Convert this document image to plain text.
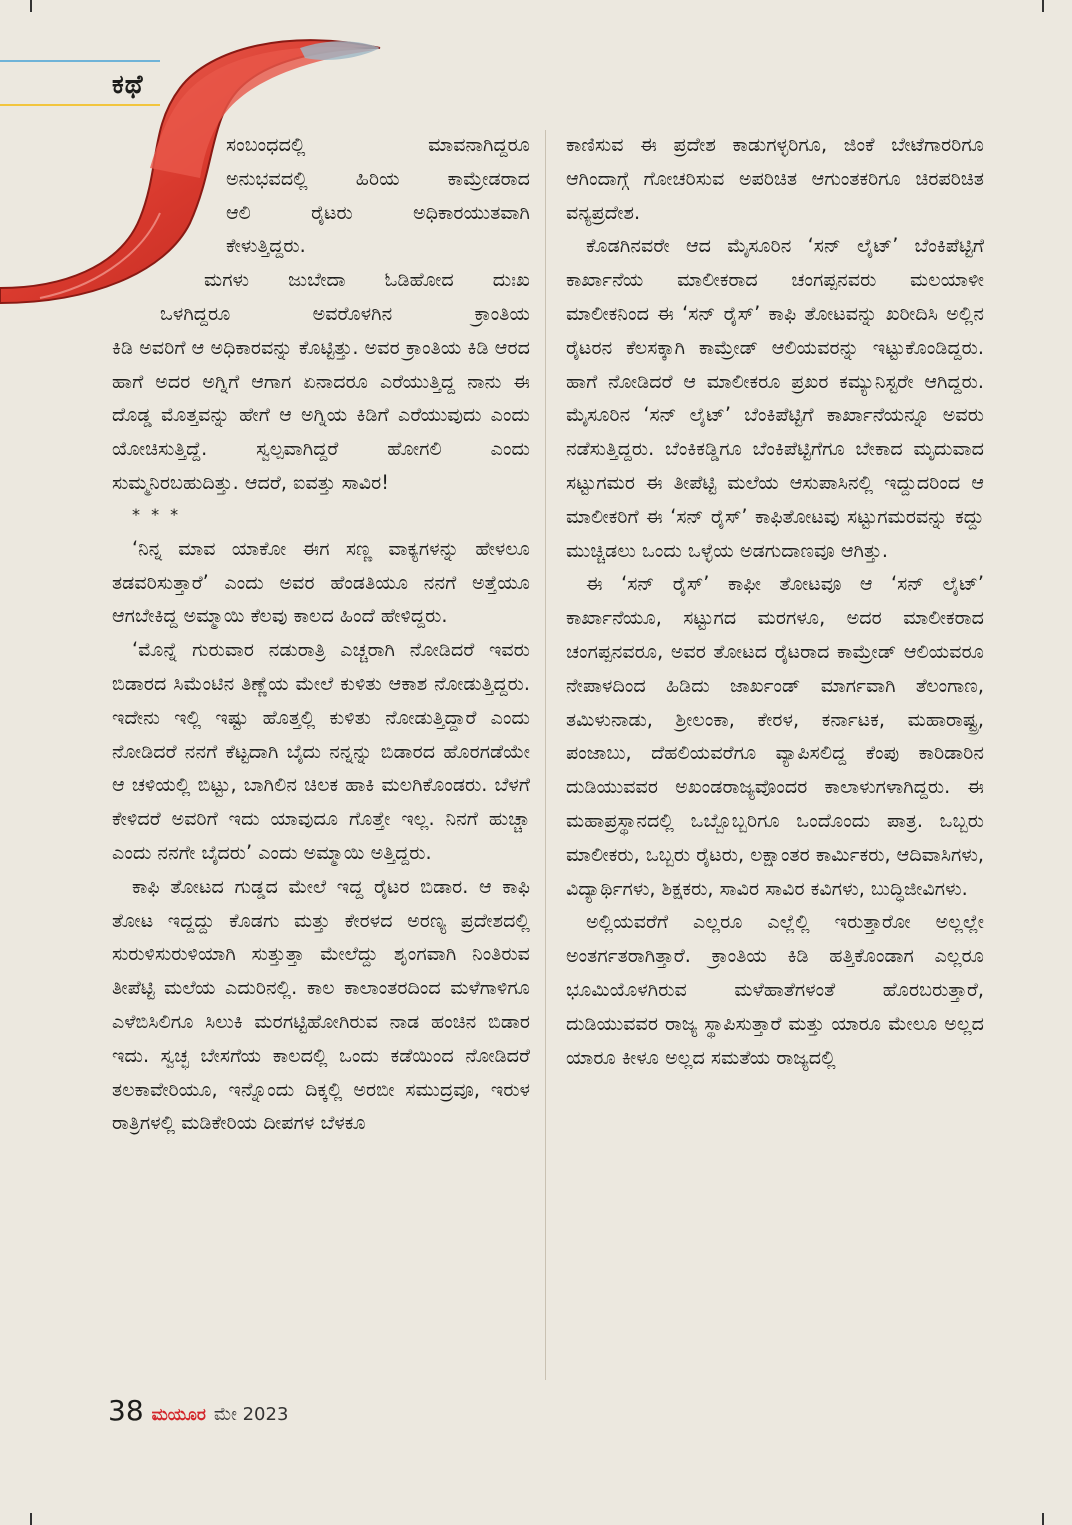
ಕಥೆ
ಸಂಬಂಧದಲ್ಲಿ ಮಾವನಾಗಿದ್ದರೂ
ಅನುಭವದಲ್ಲಿ ಹಿರಿಯ ಕಾಮ್ರೇಡರಾದ
ಆಲಿ ರೈಟರು ಅಧಿಕಾರಯುತವಾಗಿ
ಕೇಳುತ್ತಿದ್ದರು.
ಮಗಳು ಜುಬೇದಾ ಓಡಿಹೋದ ದುಃಖ
ಒಳಗಿದ್ದರೂ ಅವರೊಳಗಿನ ಕ್ರಾಂತಿಯ

ಕಿಡಿ ಅವರಿಗೆ ಆ ಅಧಿಕಾರವನ್ನು ಕೊಟ್ಟಿತ್ತು. ಅವರ ಕ್ರಾಂತಿಯ ಕಿಡಿ ಆರದ ಹಾಗೆ ಅದರ ಅಗ್ನಿಗೆ ಆಗಾಗ ಏನಾದರೂ ಎರೆಯುತ್ತಿದ್ದ ನಾನು ಈ ದೊಡ್ಡ ಮೊತ್ತವನ್ನು ಹೇಗೆ ಆ ಅಗ್ನಿಯ ಕಿಡಿಗೆ ಎರೆಯುವುದು ಎಂದು ಯೋಚಿಸುತ್ತಿದ್ದೆ. ಸ್ವಲ್ಪವಾಗಿದ್ದರೆ ಹೋಗಲಿ ಎಂದು ಸುಮ್ಮನಿರಬಹುದಿತ್ತು. ಆದರೆ, ಐವತ್ತು ಸಾವಿರ!

* * *

‘ನಿನ್ನ ಮಾವ ಯಾಕೋ ಈಗ ಸಣ್ಣ ವಾಕ್ಯಗಳನ್ನು ಹೇಳಲೂ ತಡವರಿಸುತ್ತಾರೆ’ ಎಂದು ಅವರ ಹೆಂಡತಿಯೂ ನನಗೆ ಅತ್ತೆಯೂ ಆಗಬೇಕಿದ್ದ ಅಮ್ಮಾಯಿ ಕೆಲವು ಕಾಲದ ಹಿಂದೆ ಹೇಳಿದ್ದರು.

‘ಮೊನ್ನೆ ಗುರುವಾರ ನಡುರಾತ್ರಿ ಎಚ್ಚರಾಗಿ ನೋಡಿದರೆ ಇವರು ಬಿಡಾರದ ಸಿಮೆಂಟಿನ ತಿಣ್ಣೆಯ ಮೇಲೆ ಕುಳಿತು ಆಕಾಶ ನೋಡುತ್ತಿದ್ದರು. ಇದೇನು ಇಲ್ಲಿ ಇಷ್ಟು ಹೊತ್ತಲ್ಲಿ ಕುಳಿತು ನೋಡುತ್ತಿದ್ದಾರೆ ಎಂದು ನೋಡಿದರೆ ನನಗೆ ಕೆಟ್ಟದಾಗಿ ಬೈದು ನನ್ನನ್ನು ಬಿಡಾರದ ಹೊರಗಡೆಯೇ ಆ ಚಳಿಯಲ್ಲಿ ಬಿಟ್ಟು, ಬಾಗಿಲಿನ ಚಿಲಕ ಹಾಕಿ ಮಲಗಿಕೊಂಡರು. ಬೆಳಗೆ ಕೇಳಿದರೆ ಅವರಿಗೆ ಇದು ಯಾವುದೂ ಗೊತ್ತೇ ಇಲ್ಲ. ನಿನಗೆ ಹುಚ್ಚಾ ಎಂದು ನನಗೇ ಬೈದರು’ ಎಂದು ಅಮ್ಮಾಯಿ ಅತ್ತಿದ್ದರು.

ಕಾಫಿ ತೋಟದ ಗುಡ್ಡದ ಮೇಲೆ ಇದ್ದ ರೈಟರ ಬಿಡಾರ. ಆ ಕಾಫಿ ತೋಟ ಇದ್ದದ್ದು ಕೊಡಗು ಮತ್ತು ಕೇರಳದ ಅರಣ್ಯ ಪ್ರದೇಶದಲ್ಲಿ ಸುರುಳಿಸುರುಳಿಯಾಗಿ ಸುತ್ತುತ್ತಾ ಮೇಲೆದ್ದು ಶೃಂಗವಾಗಿ ನಿಂತಿರುವ ತೀಪೆಟ್ಟಿ ಮಲೆಯ ಎದುರಿನಲ್ಲಿ. ಕಾಲ ಕಾಲಾಂತರದಿಂದ ಮಳೆಗಾಳಿಗೂ ಎಳೆಬಿಸಿಲಿಗೂ ಸಿಲುಕಿ ಮರಗಟ್ಟಿಹೋಗಿರುವ ನಾಡ ಹಂಚಿನ ಬಿಡಾರ ಇದು. ಸ್ವಚ್ಛ ಬೇಸಗೆಯ ಕಾಲದಲ್ಲಿ ಒಂದು ಕಡೆಯಿಂದ ನೋಡಿದರೆ ತಲಕಾವೇರಿಯೂ, ಇನ್ನೊಂದು ದಿಕ್ಕಲ್ಲಿ ಅರಬೀ ಸಮುದ್ರವೂ, ಇರುಳ ರಾತ್ರಿಗಳಲ್ಲಿ ಮಡಿಕೇರಿಯ ದೀಪಗಳ ಬೆಳಕೂ

ಕಾಣಿಸುವ ಈ ಪ್ರದೇಶ ಕಾಡುಗಳ್ಳರಿಗೂ, ಜಿಂಕೆ ಬೇಟೆಗಾರರಿಗೂ ಆಗಿಂದಾಗ್ಗೆ ಗೋಚರಿಸುವ ಅಪರಿಚಿತ ಆಗುಂತಕರಿಗೂ ಚಿರಪರಿಚಿತ ವನ್ಯಪ್ರದೇಶ.

ಕೊಡಗಿನವರೇ ಆದ ಮೈಸೂರಿನ ‘ಸನ್ ಲೈಟ್’ ಬೆಂಕಿಪೆಟ್ಟಿಗೆ ಕಾರ್ಖಾನೆಯ ಮಾಲೀಕರಾದ ಚಂಗಪ್ಪನವರು ಮಲಯಾಳೀ ಮಾಲೀಕನಿಂದ ಈ ‘ಸನ್ ರೈಸ್’ ಕಾಫಿ ತೋಟವನ್ನು ಖರೀದಿಸಿ ಅಲ್ಲಿನ ರೈಟರನ ಕೆಲಸಕ್ಕಾಗಿ ಕಾಮ್ರೇಡ್ ಆಲಿಯವರನ್ನು ಇಟ್ಟುಕೊಂಡಿದ್ದರು. ಹಾಗೆ ನೋಡಿದರೆ ಆ ಮಾಲೀಕರೂ ಪ್ರಖರ ಕಮ್ಯುನಿಸ್ಟರೇ ಆಗಿದ್ದರು. ಮೈಸೂರಿನ ‘ಸನ್ ಲೈಟ್’ ಬೆಂಕಿಪೆಟ್ಟಿಗೆ ಕಾರ್ಖಾನೆಯನ್ನೂ ಅವರು ನಡೆಸುತ್ತಿದ್ದರು. ಬೆಂಕಿಕಡ್ಡಿಗೂ ಬೆಂಕಿಪೆಟ್ಟಿಗೆಗೂ ಬೇಕಾದ ಮೃದುವಾದ ಸಟ್ಟುಗಮರ ಈ ತೀಪೆಟ್ಟಿ ಮಲೆಯ ಆಸುಪಾಸಿನಲ್ಲಿ ಇದ್ದುದರಿಂದ ಆ ಮಾಲೀಕರಿಗೆ ಈ ‘ಸನ್ ರೈಸ್’ ಕಾಫಿತೋಟವು ಸಟ್ಟುಗಮರವನ್ನು ಕದ್ದು ಮುಚ್ಚಿಡಲು ಒಂದು ಒಳ್ಳೆಯ ಅಡಗುದಾಣವೂ ಆಗಿತ್ತು.

ಈ ‘ಸನ್ ರೈಸ್’ ಕಾಫೀ ತೋಟವೂ ಆ ‘ಸನ್ ಲೈಟ್’ ಕಾರ್ಖಾನೆಯೂ, ಸಟ್ಟುಗದ ಮರಗಳೂ, ಅದರ ಮಾಲೀಕರಾದ ಚಂಗಪ್ಪನವರೂ, ಅವರ ತೋಟದ ರೈಟರಾದ ಕಾಮ್ರೇಡ್ ಆಲಿಯವರೂ ನೇಪಾಳದಿಂದ ಹಿಡಿದು ಜಾರ್ಖಂಡ್ ಮಾರ್ಗವಾಗಿ ತೆಲಂಗಾಣ, ತಮಿಳುನಾಡು, ಶ್ರೀಲಂಕಾ, ಕೇರಳ, ಕರ್ನಾಟಕ, ಮಹಾರಾಷ್ಟ್ರ, ಪಂಜಾಬು, ದೆಹಲಿಯವರೆಗೂ ವ್ಯಾಪಿಸಲಿದ್ದ ಕೆಂಪು ಕಾರಿಡಾರಿನ ದುಡಿಯುವವರ ಅಖಂಡರಾಜ್ಯವೊಂದರ ಕಾಲಾಳುಗಳಾಗಿದ್ದರು. ಈ ಮಹಾಪ್ರಸ್ಥಾನದಲ್ಲಿ ಒಬ್ಬೊಬ್ಬರಿಗೂ ಒಂದೊಂದು ಪಾತ್ರ. ಒಬ್ಬರು ಮಾಲೀಕರು, ಒಬ್ಬರು ರೈಟರು, ಲಕ್ಷಾಂತರ ಕಾರ್ಮಿಕರು, ಆದಿವಾಸಿಗಳು, ವಿದ್ಯಾರ್ಥಿಗಳು, ಶಿಕ್ಷಕರು, ಸಾವಿರ ಸಾವಿರ ಕವಿಗಳು, ಬುದ್ಧಿಜೀವಿಗಳು.

ಅಲ್ಲಿಯವರೆಗೆ ಎಲ್ಲರೂ ಎಲ್ಲೆಲ್ಲಿ ಇರುತ್ತಾರೋ ಅಲ್ಲಲ್ಲೇ ಅಂತರ್ಗತರಾಗಿತ್ತಾರೆ. ಕ್ರಾಂತಿಯ ಕಿಡಿ ಹತ್ತಿಕೊಂಡಾಗ ಎಲ್ಲರೂ ಭೂಮಿಯೊಳಗಿರುವ ಮಳೆಹಾತೆಗಳಂತೆ ಹೊರಬರುತ್ತಾರೆ, ದುಡಿಯುವವರ ರಾಜ್ಯ ಸ್ಥಾಪಿಸುತ್ತಾರೆ ಮತ್ತು ಯಾರೂ ಮೇಲೂ ಅಲ್ಲದ ಯಾರೂ ಕೀಳೂ ಅಲ್ಲದ ಸಮತೆಯ ರಾಜ್ಯದಲ್ಲಿ

38 ಮಯೂರ ಮೇ 2023
